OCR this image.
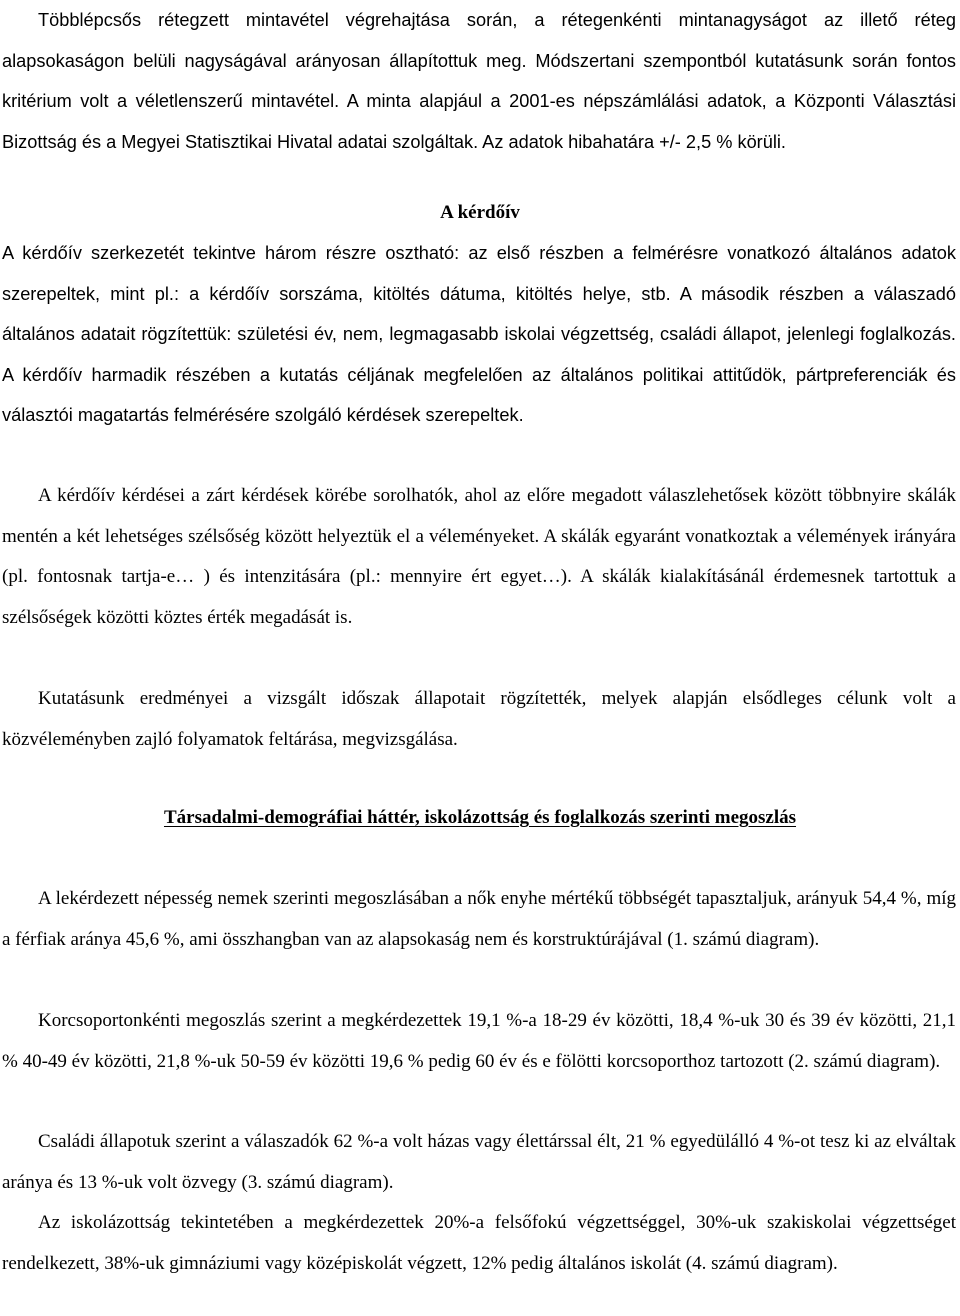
Többlépcsős rétegzett mintavétel végrehajtása során, a rétegenkénti mintanagyságot az illető réteg alapsokaságon belüli nagyságával arányosan állapítottuk meg. Módszertani szempontból kutatásunk során fontos kritérium volt a véletlenszerű mintavétel. A minta alapjául a 2001-es népszámlálási adatok, a Központi Választási Bizottság és a Megyei Statisztikai Hivatal adatai szolgáltak. Az adatok hibahatára +/- 2,5 % körüli.

A kérdőív

A kérdőív szerkezetét tekintve három részre osztható: az első részben a felmérésre vonatkozó általános adatok szerepeltek, mint pl.: a kérdőív sorszáma, kitöltés dátuma, kitöltés helye, stb. A második részben a válaszadó általános adatait rögzítettük: születési év, nem, legmagasabb iskolai végzettség, családi állapot, jelenlegi foglalkozás. A kérdőív harmadik részében a kutatás céljának megfelelően az általános politikai attitűdök, pártpreferenciák és választói magatartás felmérésére szolgáló kérdések szerepeltek.

A kérdőív kérdései a zárt kérdések körébe sorolhatók, ahol az előre megadott válaszlehetősek között többnyire skálák mentén a két lehetséges szélsőség között helyeztük el a véleményeket. A skálák egyaránt vonatkoztak a vélemények irányára (pl. fontosnak tartja-e… ) és intenzitására (pl.: mennyire ért egyet…). A skálák kialakításánál érdemesnek tartottuk a szélsőségek közötti köztes érték megadását is.

Kutatásunk eredményei a vizsgált időszak állapotait rögzítették, melyek alapján elsődleges célunk volt a közvéleményben zajló folyamatok feltárása, megvizsgálása.

Társadalmi-demográfiai háttér, iskolázottság és foglalkozás szerinti megoszlás

A lekérdezett népesség nemek szerinti megoszlásában a nők enyhe mértékű többségét tapasztaljuk, arányuk 54,4 %, míg a férfiak aránya 45,6 %, ami összhangban van az alapsokaság nem és korstruktúrájával (1. számú diagram).

Korcsoportonkénti megoszlás szerint a megkérdezettek 19,1 %-a 18-29 év közötti, 18,4 %-uk 30 és 39 év közötti, 21,1 % 40-49 év közötti, 21,8 %-uk 50-59 év közötti 19,6 % pedig 60 év és e fölötti korcsoporthoz tartozott (2. számú diagram).

Családi állapotuk szerint a válaszadók 62 %-a volt házas vagy élettárssal élt, 21 % egyedülálló 4 %-ot tesz ki az elváltak aránya és 13 %-uk volt özvegy (3. számú diagram).

Az iskolázottság tekintetében a megkérdezettek 20%-a felsőfokú végzettséggel, 30%-uk szakiskolai végzettséget rendelkezett, 38%-uk gimnáziumi vagy középiskolát végzett, 12% pedig általános iskolát (4. számú diagram).
